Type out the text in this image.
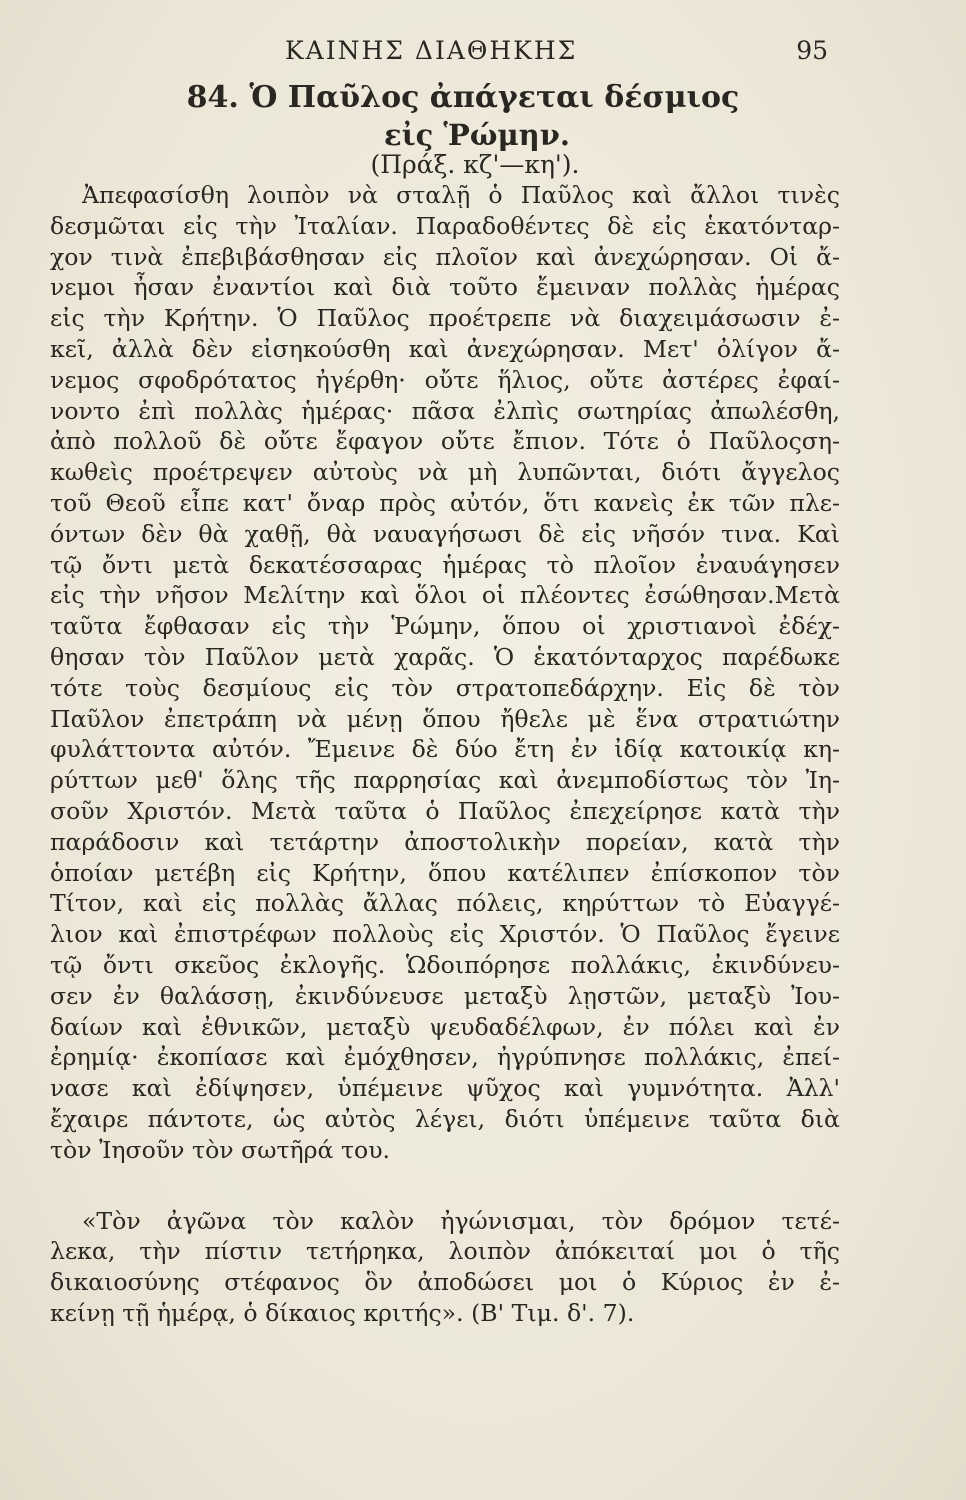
ΚΑΙΝΗΣ ΔΙΑΘΗΚΗΣ	95
84. Ὁ Παῦλος ἀπάγεται δέσμιος
εἰς Ῥώμην.
(Πράξ. κζ'—κη').
Ἀπεφασίσθη λοιπὸν νὰ σταλῇ ὁ Παῦλος καὶ ἄλλοι τινὲς
δεσμῶται εἰς τὴν Ἰταλίαν. Παραδοθέντες δὲ εἰς ἑκατόνταρ-
χον τινὰ ἐπεβιβάσθησαν εἰς πλοῖον καὶ ἀνεχώρησαν. Οἱ ἄ-
νεμοι ἦσαν ἐναντίοι καὶ διὰ τοῦτο ἔμειναν πολλὰς ἡμέρας
εἰς τὴν Κρήτην. Ὁ Παῦλος προέτρεπε νὰ διαχειμάσωσιν ἐ-
κεῖ, ἀλλὰ δὲν εἰσηκούσθη καὶ ἀνεχώρησαν. Μετ' ὀλίγον ἄ-
νεμος σφοδρότατος ἠγέρθη· οὔτε ἥλιος, οὔτε ἀστέρες ἐφαί-
νοντο ἐπὶ πολλὰς ἡμέρας· πᾶσα ἐλπὶς σωτηρίας ἀπωλέσθη,
ἀπὸ πολλοῦ δὲ οὔτε ἔφαγον οὔτε ἔπιον. Τότε ὁ Παῦλοςση-
κωθεὶς προέτρεψεν αὐτοὺς νὰ μὴ λυπῶνται, διότι ἄγγελος
τοῦ Θεοῦ εἶπε κατ' ὄναρ πρὸς αὐτόν, ὅτι κανεὶς ἐκ τῶν πλε-
όντων δὲν θὰ χαθῇ, θὰ ναυαγήσωσι δὲ εἰς νῆσόν τινα. Καὶ
τῷ ὄντι μετὰ δεκατέσσαρας ἡμέρας τὸ πλοῖον ἐναυάγησεν
εἰς τὴν νῆσον Μελίτην καὶ ὅλοι οἱ πλέοντες ἐσώθησαν.Μετὰ
ταῦτα ἔφθασαν εἰς τὴν Ῥώμην, ὅπου οἱ χριστιανοὶ ἐδέχ-
θησαν τὸν Παῦλον μετὰ χαρᾶς. Ὁ ἑκατόνταρχος παρέδωκε
τότε τοὺς δεσμίους εἰς τὸν στρατοπεδάρχην. Εἰς δὲ τὸν
Παῦλον ἐπετράπη νὰ μένῃ ὅπου ἤθελε μὲ ἕνα στρατιώτην
φυλάττοντα αὐτόν. Ἔμεινε δὲ δύο ἔτη ἐν ἰδίᾳ κατοικίᾳ κη-
ρύττων μεθ' ὅλης τῆς παρρησίας καὶ ἀνεμποδίστως τὸν Ἰη-
σοῦν Χριστόν. Μετὰ ταῦτα ὁ Παῦλος ἐπεχείρησε κατὰ τὴν
παράδοσιν καὶ τετάρτην ἀποστολικὴν πορείαν, κατὰ τὴν
ὁποίαν μετέβη εἰς Κρήτην, ὅπου κατέλιπεν ἐπίσκοπον τὸν
Τίτον, καὶ εἰς πολλὰς ἄλλας πόλεις, κηρύττων τὸ Εὐαγγέ-
λιον καὶ ἐπιστρέφων πολλοὺς εἰς Χριστόν. Ὁ Παῦλος ἔγεινε
τῷ ὄντι σκεῦος ἐκλογῆς. Ὡδοιπόρησε πολλάκις, ἐκινδύνευ-
σεν ἐν θαλάσσῃ, ἐκινδύνευσε μεταξὺ λῃστῶν, μεταξὺ Ἰου-
δαίων καὶ ἐθνικῶν, μεταξὺ ψευδαδέλφων, ἐν πόλει καὶ ἐν
ἐρημίᾳ· ἐκοπίασε καὶ ἐμόχθησεν, ἠγρύπνησε πολλάκις, ἐπεί-
νασε καὶ ἐδίψησεν, ὑπέμεινε ψῦχος καὶ γυμνότητα. Ἀλλ'
ἔχαιρε πάντοτε, ὡς αὐτὸς λέγει, διότι ὑπέμεινε ταῦτα διὰ
τὸν Ἰησοῦν τὸν σωτῆρά του.
«Τὸν ἀγῶνα τὸν καλὸν ἠγώνισμαι, τὸν δρόμον τετέ-
λεκα, τὴν πίστιν τετήρηκα, λοιπὸν ἀπόκειταί μοι ὁ τῆς
δικαιοσύνης στέφανος ὃν ἀποδώσει μοι ὁ Κύριος ἐν ἐ-
κείνῃ τῇ ἡμέρᾳ, ὁ δίκαιος κριτής». (Β' Τιμ. δ'. 7).
